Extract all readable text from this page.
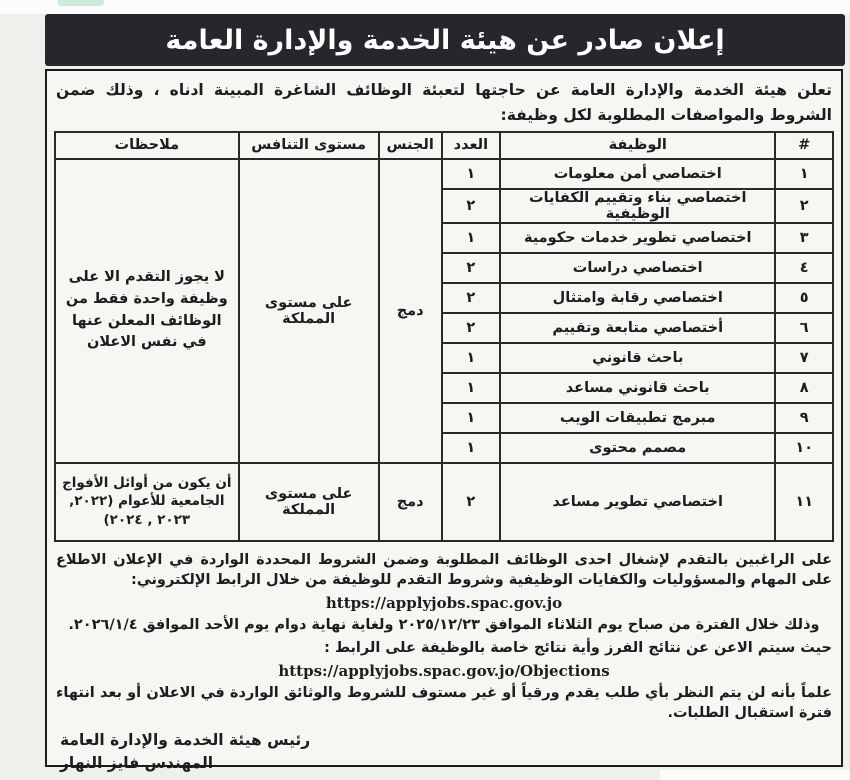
إعلان صادر عن هيئة الخدمة والإدارة العامة

تعلن هيئة الخدمة والإدارة العامة عن حاجتها لتعبئة الوظائف الشاغرة المبينة ادناه ، وذلك ضمن الشروط والمواصفات المطلوبة لكل وظيفة:

#	الوظيفة	العدد	الجنس	مستوى التنافس	ملاحظات
١	اختصاصي أمن معلومات	١	دمج	على مستوى المملكة	لا يجوز التقدم الا على وظيفة واحدة فقط من الوظائف المعلن عنها في نفس الاعلان
٢	اختصاصي بناء وتقييم الكفايات الوظيفية	٢			
٣	اختصاصي تطوير خدمات حكومية	١			
٤	اختصاصي دراسات	٢			
٥	اختصاصي رقابة وامتثال	٢			
٦	أختصاصي متابعة وتقييم	٢			
٧	باحث قانوني	١			
٨	باحث قانوني مساعد	١			
٩	مبرمج تطبيقات الويب	١			
١٠	مصمم محتوى	١			
١١	اختصاصي تطوير مساعد	٢	دمج	على مستوى المملكة	أن يكون من أوائل الأفواج الجامعية للأعوام (٢٠٢٢, ٢٠٢٣ , ٢٠٢٤)

على الراغبين بالتقدم لإشغال احدى الوظائف المطلوبة وضمن الشروط المحددة الواردة في الإعلان الاطلاع على المهام والمسؤوليات والكفايات الوظيفية وشروط التقدم للوظيفة من خلال الرابط الإلكتروني:

https://applyjobs.spac.gov.jo

وذلك خلال الفترة من صباح يوم الثلاثاء الموافق ٢٠٢٥/١٢/٢٣ ولغاية نهاية دوام يوم الأحد الموافق ٢٠٢٦/١/٤.

حيث سيتم الاعن عن نتائج الفرز وأية نتائج خاصة بالوظيفة على الرابط :

https://applyjobs.spac.gov.jo/Objections

علماً بأنه لن يتم النظر بأي طلب يقدم ورقياً أو غير مستوف للشروط والوثائق الواردة في الاعلان أو بعد انتهاء فترة استقبال الطلبات.

رئيس هيئة الخدمة والإدارة العامة
المهندس فايز النهار
